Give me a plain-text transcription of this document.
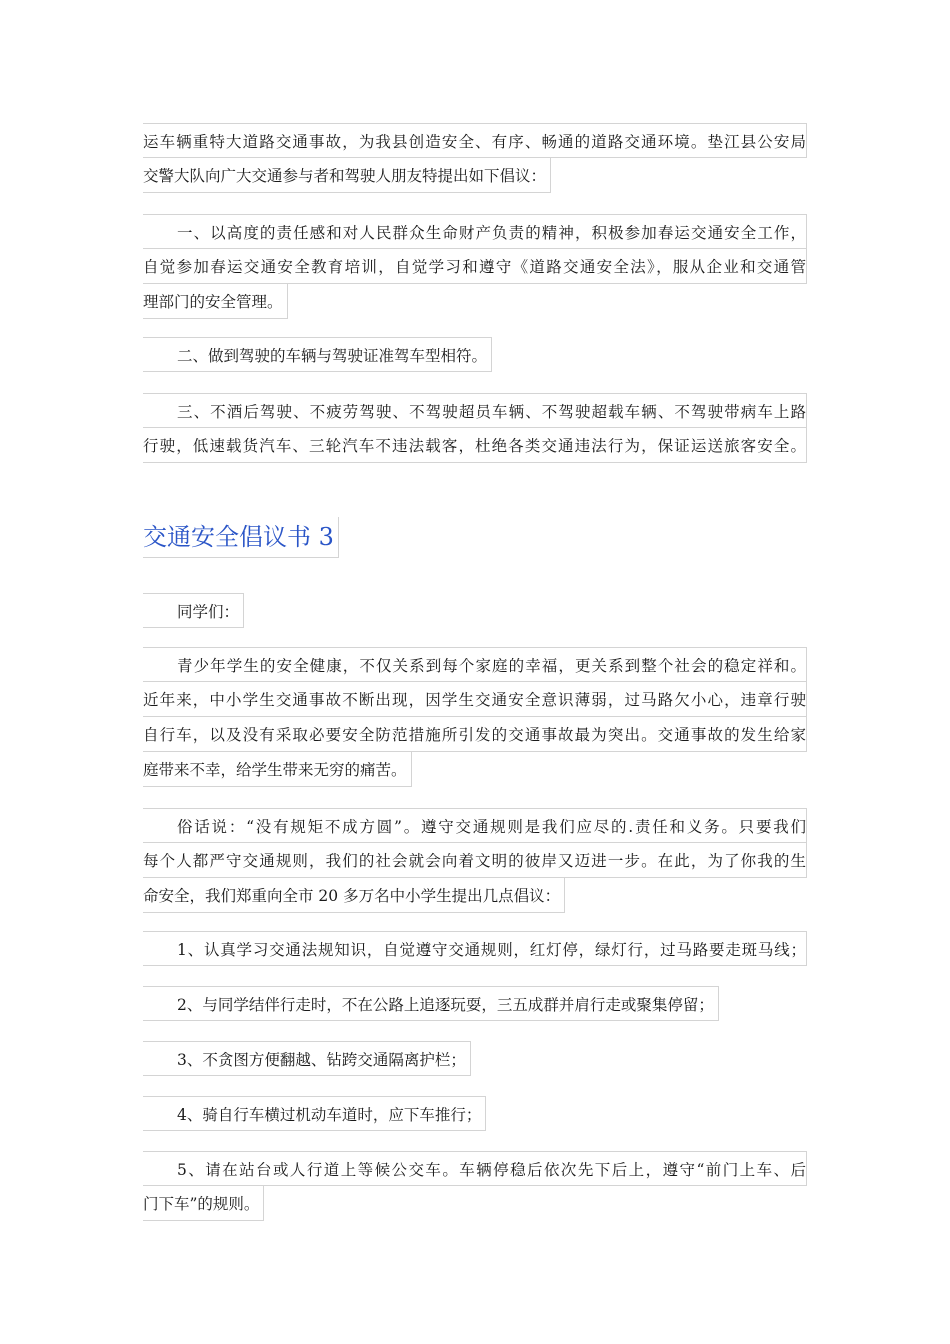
运车辆重特大道路交通事故，为我县创造安全、有序、畅通的道路交通环境。垫江县公安局
交警大队向广大交通参与者和驾驶人朋友特提出如下倡议：
一、以高度的责任感和对人民群众生命财产负责的精神，积极参加春运交通安全工作，
自觉参加春运交通安全教育培训，自觉学习和遵守《道路交通安全法》，服从企业和交通管
理部门的安全管理。
二、做到驾驶的车辆与驾驶证准驾车型相符。
三、不酒后驾驶、不疲劳驾驶、不驾驶超员车辆、不驾驶超载车辆、不驾驶带病车上路
行驶，低速载货汽车、三轮汽车不违法载客，杜绝各类交通违法行为，保证运送旅客安全。
交通安全倡议书 3
同学们：
青少年学生的安全健康，不仅关系到每个家庭的幸福，更关系到整个社会的稳定祥和。
近年来，中小学生交通事故不断出现，因学生交通安全意识薄弱，过马路欠小心，违章行驶
自行车，以及没有采取必要安全防范措施所引发的交通事故最为突出。交通事故的发生给家
庭带来不幸，给学生带来无穷的痛苦。
俗话说：“没有规矩不成方圆”。遵守交通规则是我们应尽的.责任和义务。只要我们
每个人都严守交通规则，我们的社会就会向着文明的彼岸又迈进一步。在此，为了你我的生
命安全，我们郑重向全市 20 多万名中小学生提出几点倡议：
1、认真学习交通法规知识，自觉遵守交通规则，红灯停，绿灯行，过马路要走斑马线；
2、与同学结伴行走时，不在公路上追逐玩耍，三五成群并肩行走或聚集停留；
3、不贪图方便翻越、钻跨交通隔离护栏；
4、骑自行车横过机动车道时，应下车推行；
5、请在站台或人行道上等候公交车。车辆停稳后依次先下后上，遵守“前门上车、后
门下车”的规则。
